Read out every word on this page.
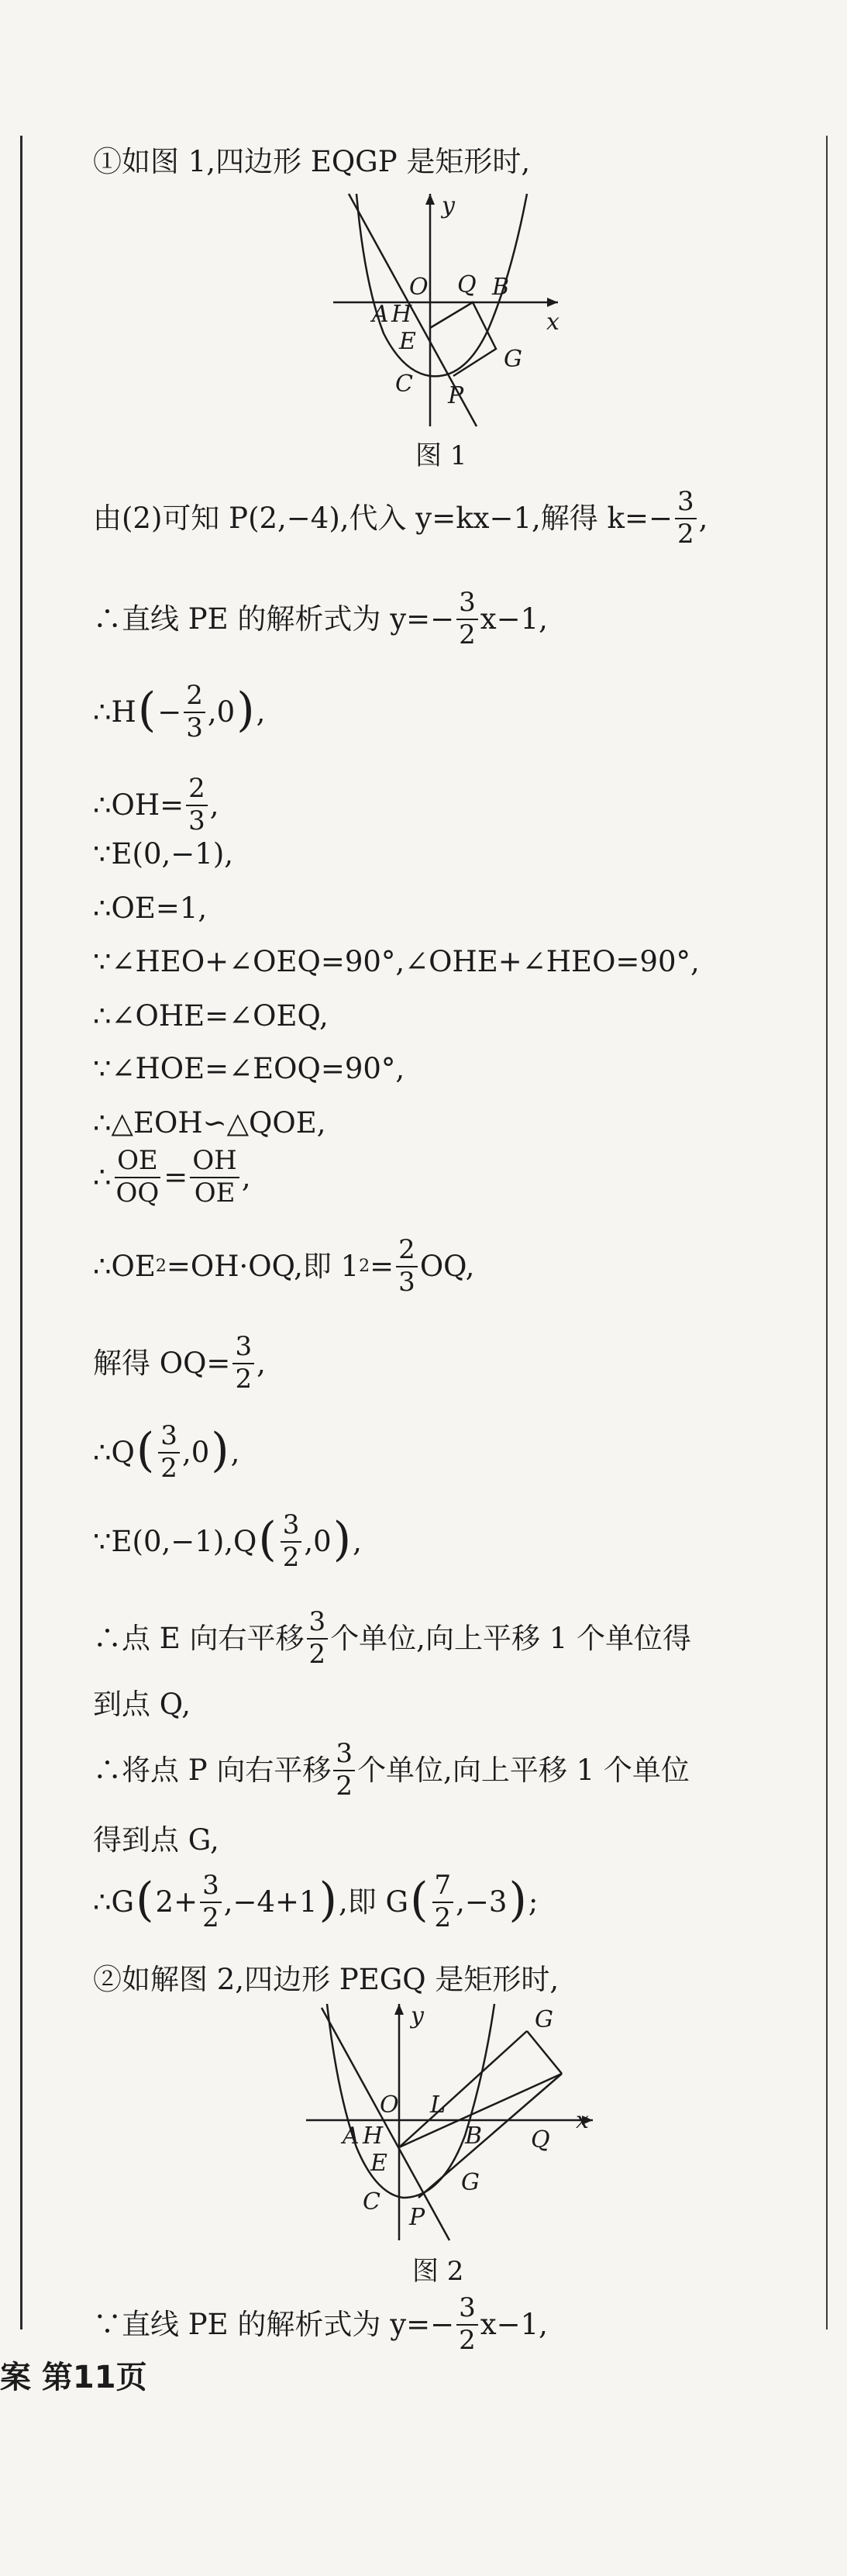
①如图 1,四边形 EQGP 是矩形时,
y
x
O Q B
A H
E
G
C P
图 1
由(2)可知 P(2,−4),代入 y=kx−1,解得 $k=- \frac{3}{2}$ ,
∴直线 PE 的解析式为 $y=- \frac{3}{2} x-1$,
∴H ( − $\frac{2}{3} ,0$ ) ,
∴OH= $\frac{2}{3}$ ,
∵E(0,−1),
∴OE=1,
∵∠HEO+∠OEQ=90°,∠OHE+∠HEO=90°,
∴∠OHE=∠OEQ,
∵∠HOE=∠EOQ=90°,
∴△EOH∽△QOE,
∴ $\frac{OE}{OQ} = \frac{OH}{OE}$ ,
∴OE 2 =OH·OQ,即 1 $2 = \frac{2}{3}$ OQ,
解得 $OQ= \frac{3}{2}$ ,
∴Q ( $\frac{3}{2} ,0$ ) ,
∵E(0,−1),Q ( $\frac{3}{2} ,0$ ) ,
∴点 E 向右平移 $\frac{3}{2}$ 个单位,向上平移 1 个单位得
到点 Q,
∴将点 P 向右平移 $\frac{3}{2}$ 个单位,向上平移 1 个单位
得到点 G,
∴G ( $2+ \frac{3}{2} ,-4+1$ ) ,即 G ( $\frac{7}{2} ,-3$ ) ;
②如解图 2,四边形 PEGQ 是矩形时,
y
x
O L
G
A H	B Q
E
G
C
P
图 2
∵直线 PE 的解析式为 $y=- \frac{3}{2} x-1$,
案 第11页
